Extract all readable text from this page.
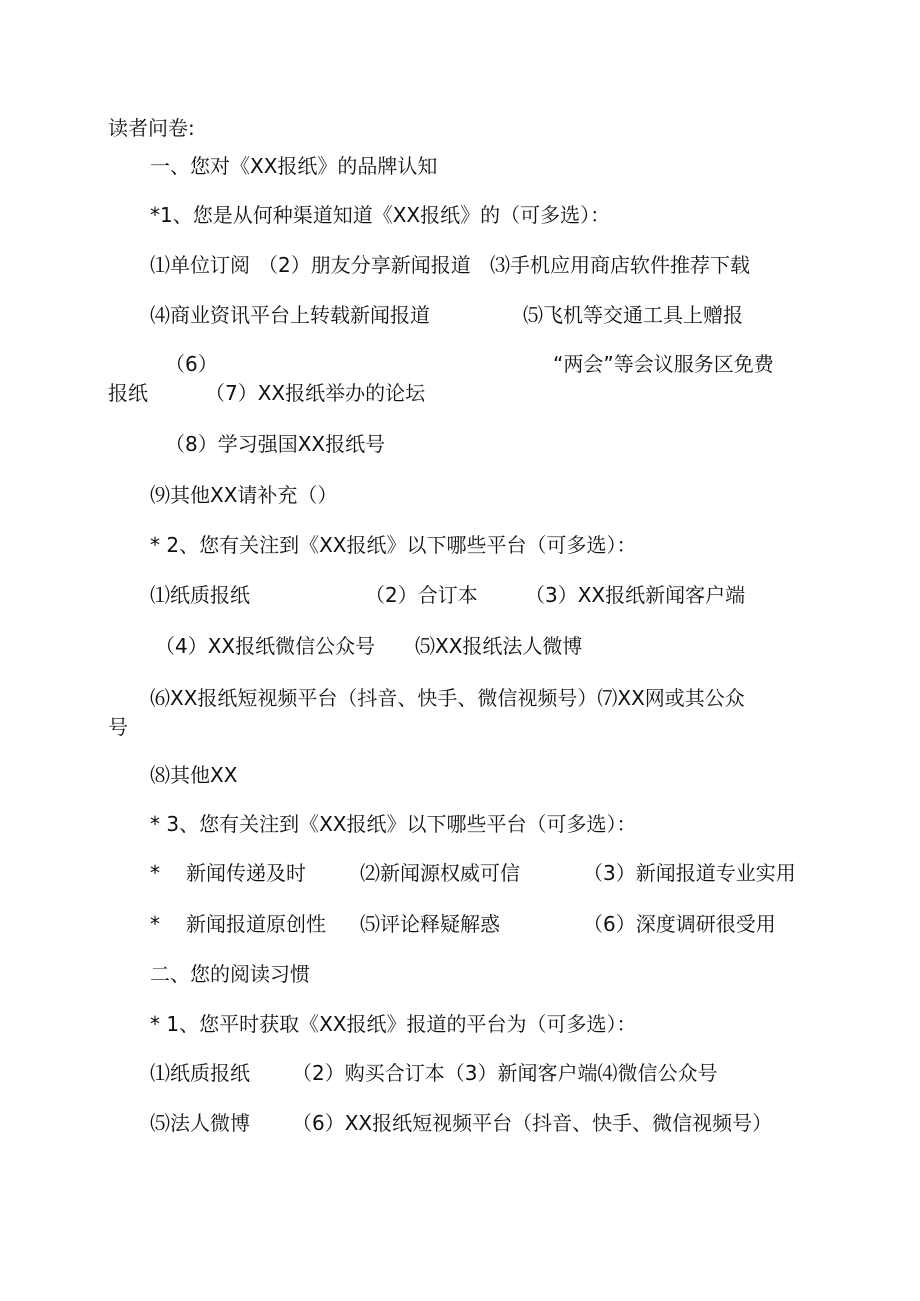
读者问卷:
一、您对《XX报纸》的品牌认知
*1、您是从何种渠道知道《XX报纸》的（可多选）：
⑴单位订阅 （2）朋友分享新闻报道 ⑶手机应用商店软件推荐下载
⑷商业资讯平台上转载新闻报道	⑸飞机等交通工具上赠报
（6）	“两会”等会议服务区免费
报纸	（7）XX报纸举办的论坛
（8）学习强国XX报纸号
⑼其他XX请补充（）
* 2、您有关注到《XX报纸》以下哪些平台（可多选）：
⑴纸质报纸	（2）合订本 （3）XX报纸新闻客户端
（4）XX报纸微信公众号 ⑸XX报纸法人微博
⑹XX报纸短视频平台（抖音、快手、微信视频号）⑺XX网或其公众
号
⑻其他XX
* 3、您有关注到《XX报纸》以下哪些平台（可多选）：
* 新闻传递及时	⑵新闻源权威可信	（3）新闻报道专业实用
* 新闻报道原创性 ⑸评论释疑解惑	（6）深度调研很受用
二、您的阅读习惯
* 1、您平时获取《XX报纸》报道的平台为（可多选）：
⑴纸质报纸 （2）购买合订本（3）新闻客户端⑷微信公众号
⑸法人微博 （6）XX报纸短视频平台（抖音、快手、微信视频号）
